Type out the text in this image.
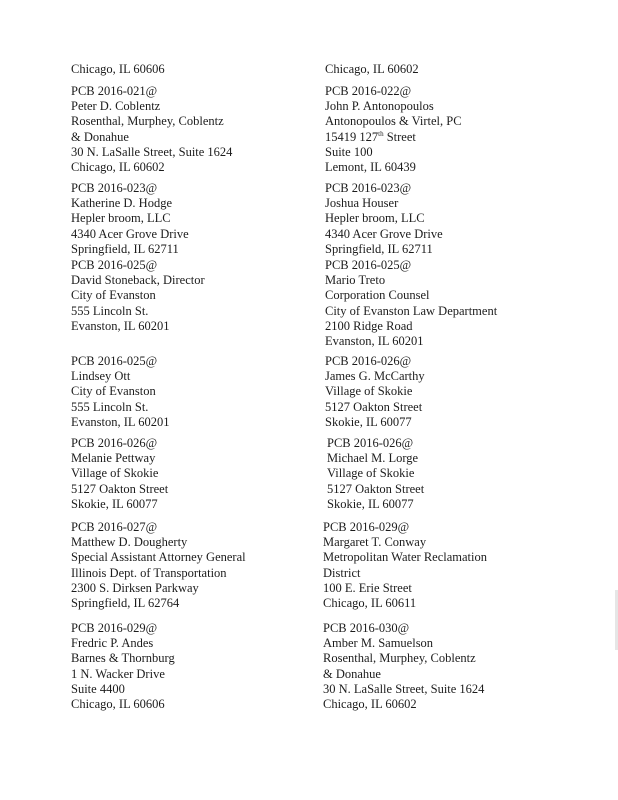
Chicago, IL 60606
PCB 2016-021@
Peter D. Coblentz
Rosenthal, Murphey, Coblentz
& Donahue
30 N. LaSalle Street, Suite 1624
Chicago, IL 60602
PCB 2016-023@
Katherine D. Hodge
Hepler broom, LLC
4340 Acer Grove Drive
Springfield, IL 62711
PCB 2016-025@
David Stoneback, Director
City of Evanston
555 Lincoln St.
Evanston, IL 60201
PCB 2016-025@
Lindsey Ott
City of Evanston
555 Lincoln St.
Evanston, IL 60201
PCB 2016-026@
Melanie Pettway
Village of Skokie
5127 Oakton Street
Skokie, IL 60077
PCB 2016-027@
Matthew D. Dougherty
Special Assistant Attorney General
Illinois Dept. of Transportation
2300 S. Dirksen Parkway
Springfield, IL 62764
PCB 2016-029@
Fredric P. Andes
Barnes & Thornburg
1 N. Wacker Drive
Suite 4400
Chicago, IL 60606
Chicago, IL 60602
PCB 2016-022@
John P. Antonopoulos
Antonopoulos & Virtel, PC
15419 127th Street
Suite 100
Lemont, IL 60439
PCB 2016-023@
Joshua Houser
Hepler broom, LLC
4340 Acer Grove Drive
Springfield, IL 62711
PCB 2016-025@
Mario Treto
Corporation Counsel
City of Evanston Law Department
2100 Ridge Road
Evanston, IL 60201
PCB 2016-026@
James G. McCarthy
Village of Skokie
5127 Oakton Street
Skokie, IL 60077
PCB 2016-026@
Michael M. Lorge
Village of Skokie
5127 Oakton Street
Skokie, IL 60077
PCB 2016-029@
Margaret T. Conway
Metropolitan Water Reclamation
District
100 E. Erie Street
Chicago, IL 60611
PCB 2016-030@
Amber M. Samuelson
Rosenthal, Murphey, Coblentz
& Donahue
30 N. LaSalle Street, Suite 1624
Chicago, IL 60602
